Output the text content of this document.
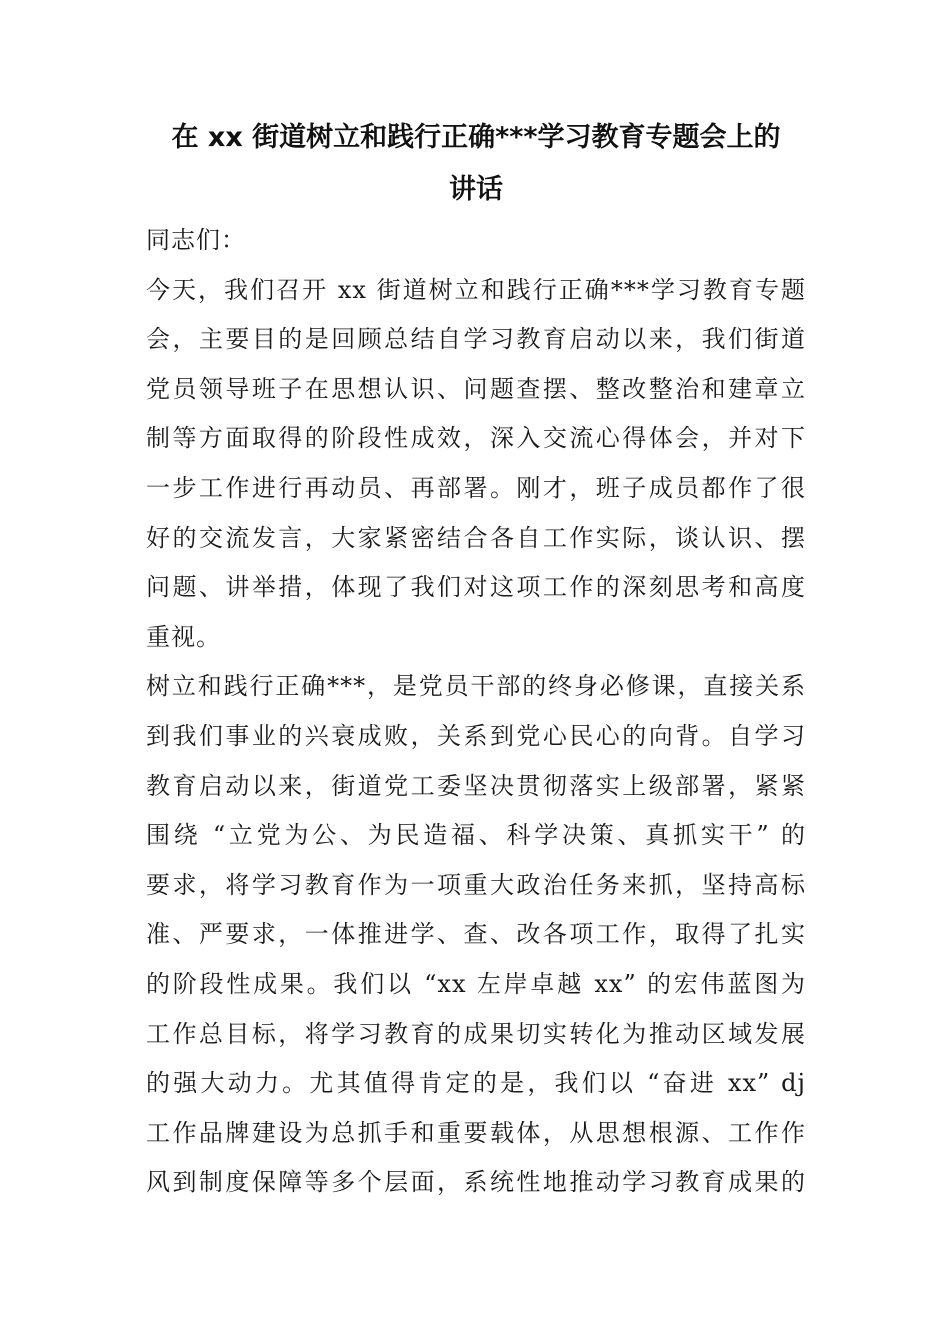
在 xx 街道树立和践行正确***学习教育专题会上的
讲话

同志们：

今天，我们召开 xx 街道树立和践行正确***学习教育专题
会，主要目的是回顾总结自学习教育启动以来，我们街道
党员领导班子在思想认识、问题查摆、整改整治和建章立
制等方面取得的阶段性成效，深入交流心得体会，并对下
一步工作进行再动员、再部署。刚才，班子成员都作了很
好的交流发言，大家紧密结合各自工作实际，谈认识、摆
问题、讲举措，体现了我们对这项工作的深刻思考和高度
重视。

树立和践行正确***，是党员干部的终身必修课，直接关系
到我们事业的兴衰成败，关系到党心民心的向背。自学习
教育启动以来，街道党工委坚决贯彻落实上级部署，紧紧
围绕 “立党为公、为民造福、科学决策、真抓实干” 的
要求，将学习教育作为一项重大政治任务来抓，坚持高标
准、严要求，一体推进学、查、改各项工作，取得了扎实
的阶段性成果。我们以 “xx 左岸卓越 xx” 的宏伟蓝图为
工作总目标，将学习教育的成果切实转化为推动区域发展
的强大动力。尤其值得肯定的是，我们以 “奋进 xx” dj
工作品牌建设为总抓手和重要载体，从思想根源、工作作
风到制度保障等多个层面，系统性地推动学习教育成果的
